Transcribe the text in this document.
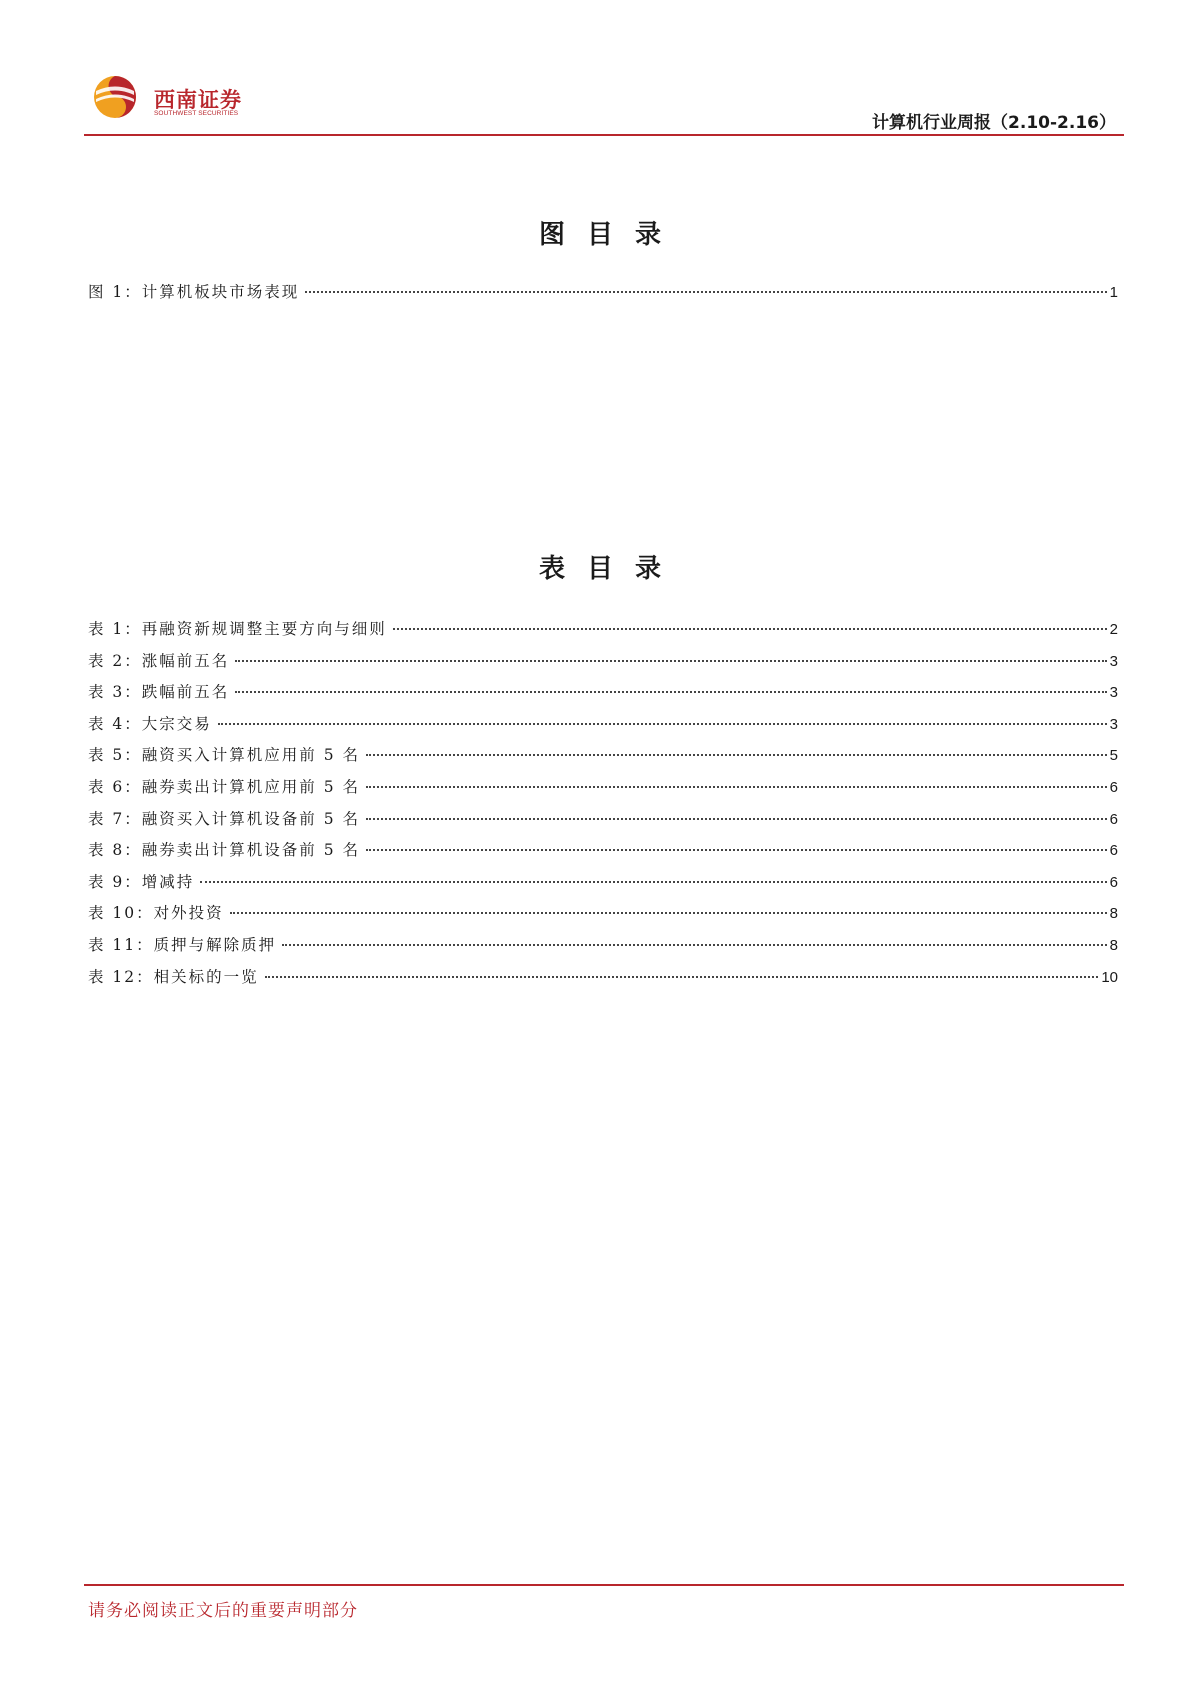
西南证券
SOUTHWEST SECURITIES	计算机行业周报（2.10-2.16）
图目录
图 1：计算机板块市场表现	1
表目录
表 1：再融资新规调整主要方向与细则	2
表 2：涨幅前五名	3
表 3：跌幅前五名	3
表 4：大宗交易	3
表 5：融资买入计算机应用前 5 名	5
表 6：融券卖出计算机应用前 5 名	6
表 7：融资买入计算机设备前 5 名	6
表 8：融券卖出计算机设备前 5 名	6
表 9：增减持	6
表 10：对外投资	8
表 11：质押与解除质押	8
表 12：相关标的一览	10
请务必阅读正文后的重要声明部分
